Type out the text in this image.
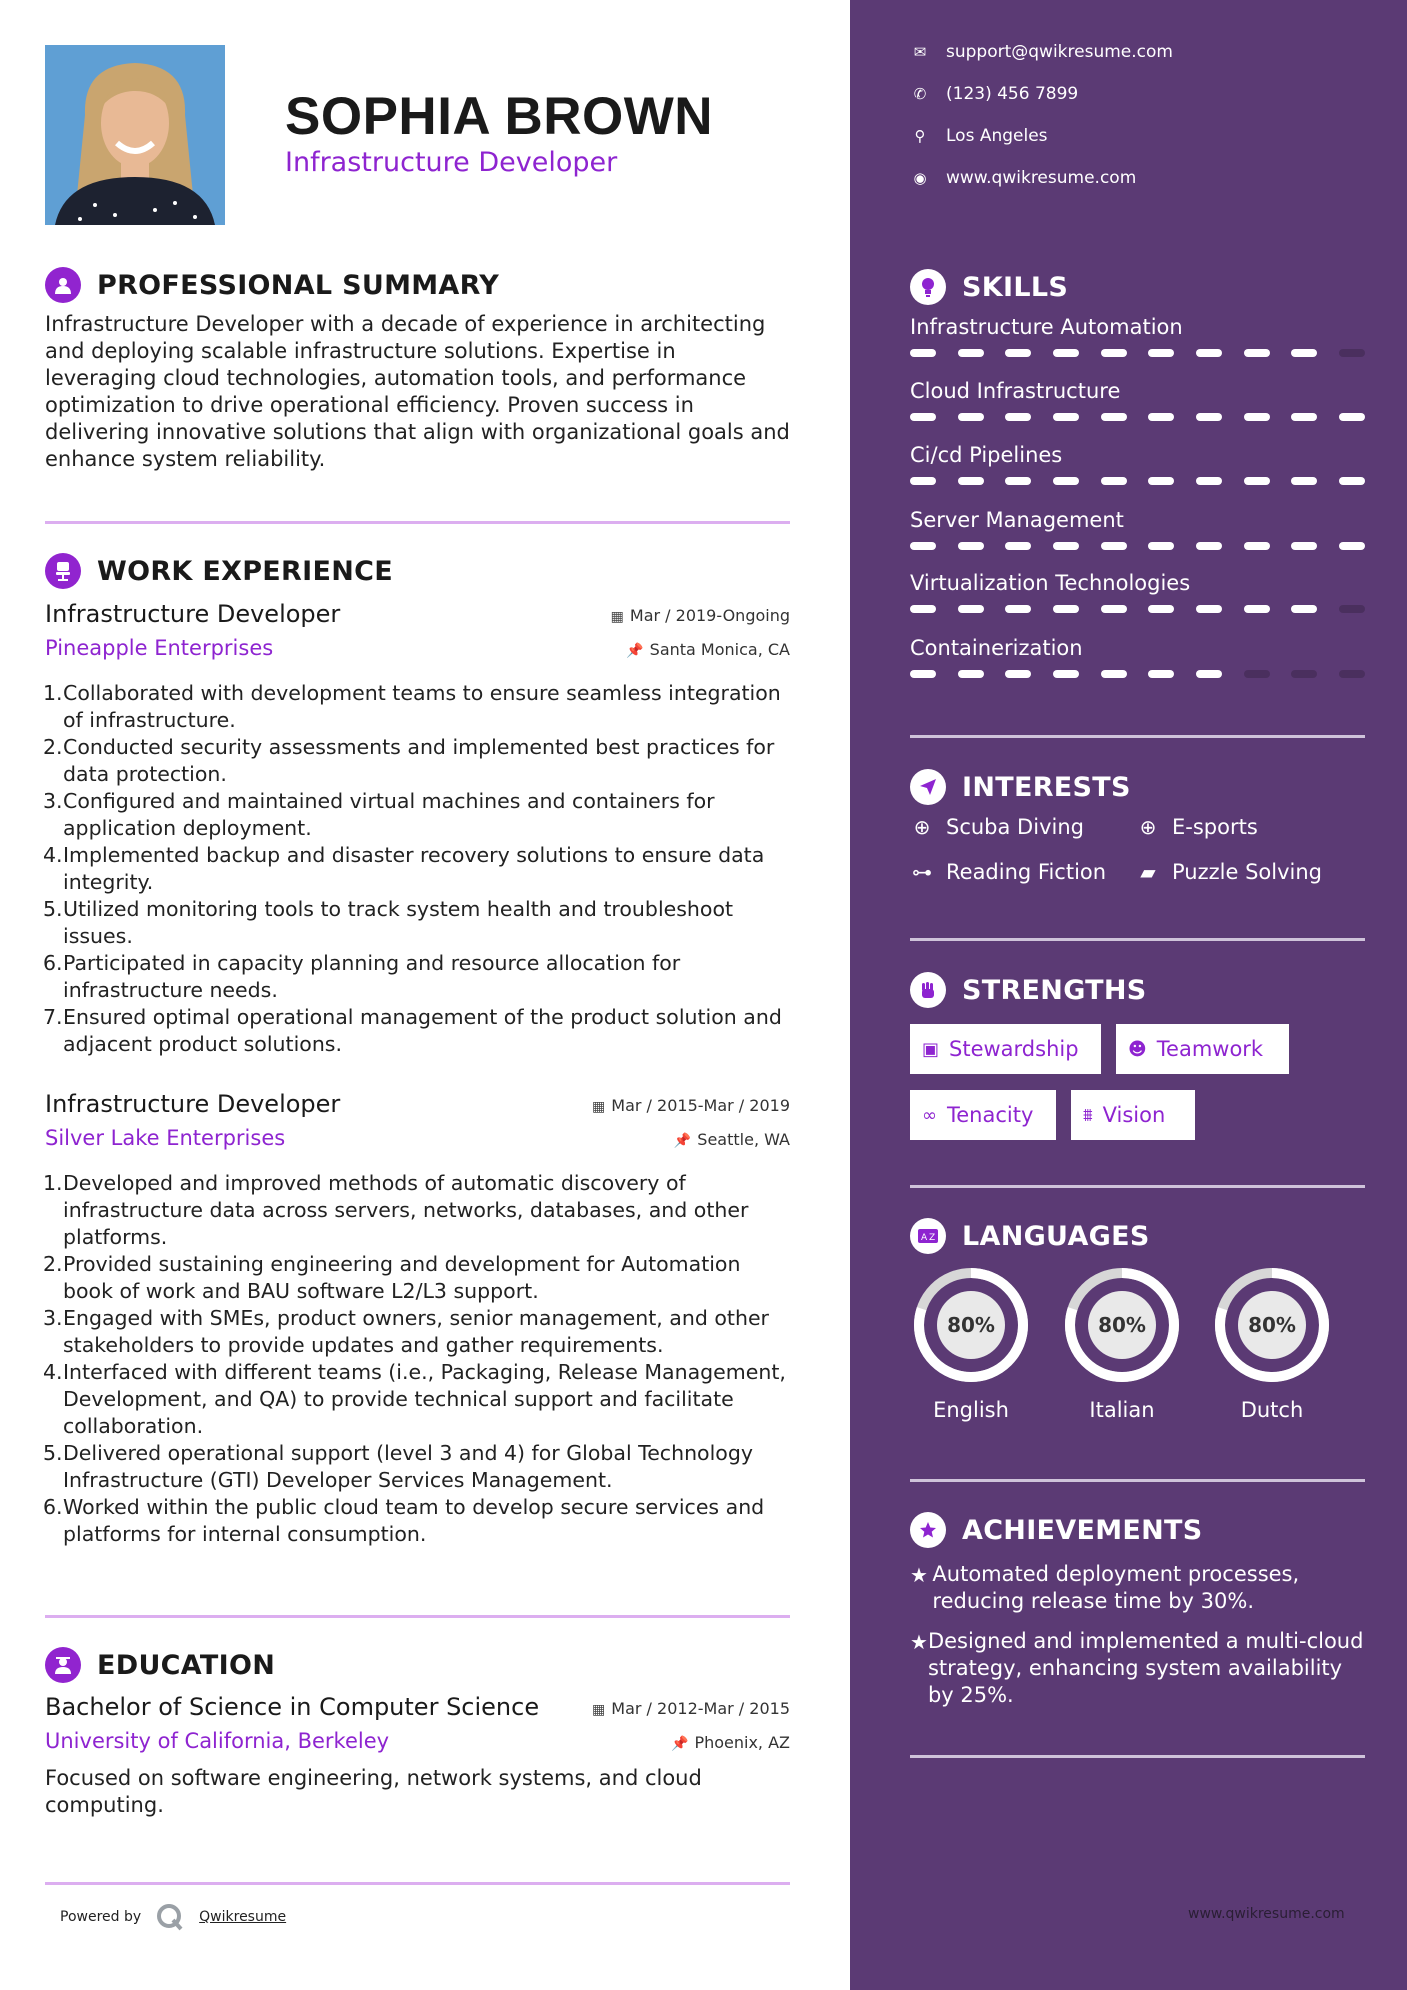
SOPHIA BROWN
Infrastructure Developer
PROFESSIONAL SUMMARY

Infrastructure Developer with a decade of experience in architecting and deploying scalable infrastructure solutions. Expertise in leveraging cloud technologies, automation tools, and performance optimization to drive operational efficiency. Proven success in delivering innovative solutions that align with organizational goals and enhance system reliability.

WORK EXPERIENCE
Infrastructure Developer	▦ Mar / 2019-Ongoing
Pineapple Enterprises	📌 Santa Monica, CA
1. Collaborated with development teams to ensure seamless integration of infrastructure.
2. Conducted security assessments and implemented best practices for data protection.
3. Configured and maintained virtual machines and containers for application deployment.
4. Implemented backup and disaster recovery solutions to ensure data integrity.
5. Utilized monitoring tools to track system health and troubleshoot issues.
6. Participated in capacity planning and resource allocation for infrastructure needs.
7. Ensured optimal operational management of the product solution and adjacent product solutions.
Infrastructure Developer	▦ Mar / 2015-Mar / 2019
Silver Lake Enterprises	📌 Seattle, WA
1. Developed and improved methods of automatic discovery of infrastructure data across servers, networks, databases, and other platforms.
2. Provided sustaining engineering and development for Automation book of work and BAU software L2/L3 support.
3. Engaged with SMEs, product owners, senior management, and other stakeholders to provide updates and gather requirements.
4. Interfaced with different teams (i.e., Packaging, Release Management, Development, and QA) to provide technical support and facilitate collaboration.
5. Delivered operational support (level 3 and 4) for Global Technology Infrastructure (GTI) Developer Services Management.
6. Worked within the public cloud team to develop secure services and platforms for internal consumption.
EDUCATION
Bachelor of Science in Computer Science	▦ Mar / 2012-Mar / 2015
University of California, Berkeley	📌 Phoenix, AZ

Focused on software engineering, network systems, and cloud computing.

Powered by	Qwikresume
✉ support@qwikresume.com
✆ (123) 456 7899
⚲ Los Angeles
◉ www.qwikresume.com
SKILLS
Infrastructure Automation
Cloud Infrastructure
Ci/cd Pipelines
Server Management
Virtualization Technologies
Containerization
INTERESTS
⊕ Scuba Diving	⊕ E-sports
⊶ Reading Fiction ▰ Puzzle Solving
STRENGTHS
▣ Stewardship	☻ Teamwork
∞ Tenacity	⩩ Vision
A Z LANGUAGES
80%
English
80%
Italian
80%
Dutch
ACHIEVEMENTS
★ Automated deployment processes, reducing release time by 30%.
★ Designed and implemented a multi-cloud strategy, enhancing system availability by 25%.
www.qwikresume.com
